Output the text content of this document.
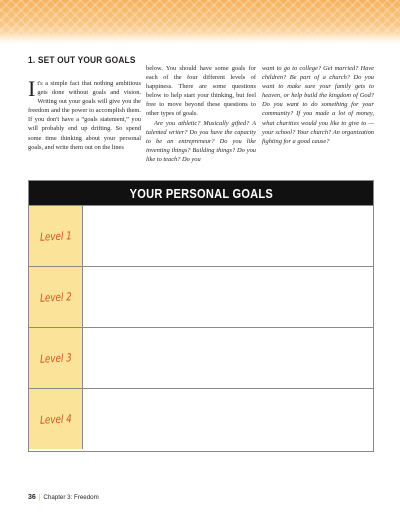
1. SET OUT YOUR GOALS

It's a simple fact that nothing ambitious gets done without goals and vision. Writing out your goals will give you the freedom and the power to accomplish them. If you don't have a “goals statement,” you will probably end up drifting. So spend some time thinking about your personal goals, and write them out on the lines

below. You should have some goals for each of the four different levels of happiness. There are some questions below to help start your thinking, but feel free to move beyond these questions to other types of goals.

Are you athletic? Musically gifted? A talented writer? Do you have the capacity to be an entrepreneur? Do you like inventing things? Building things? Do you like to teach? Do you

want to go to college? Get married? Have children? Be part of a church? Do you want to make sure your family gets to heaven, or help build the kingdom of God? Do you want to do something for your community? If you made a lot of money, what charities would you like to give to — your school? Your church? An organization fighting for a good cause?

YOUR PERSONAL GOALS
Level 1
Level 2
Level 3
Level 4
36 | Chapter 3: Freedom
